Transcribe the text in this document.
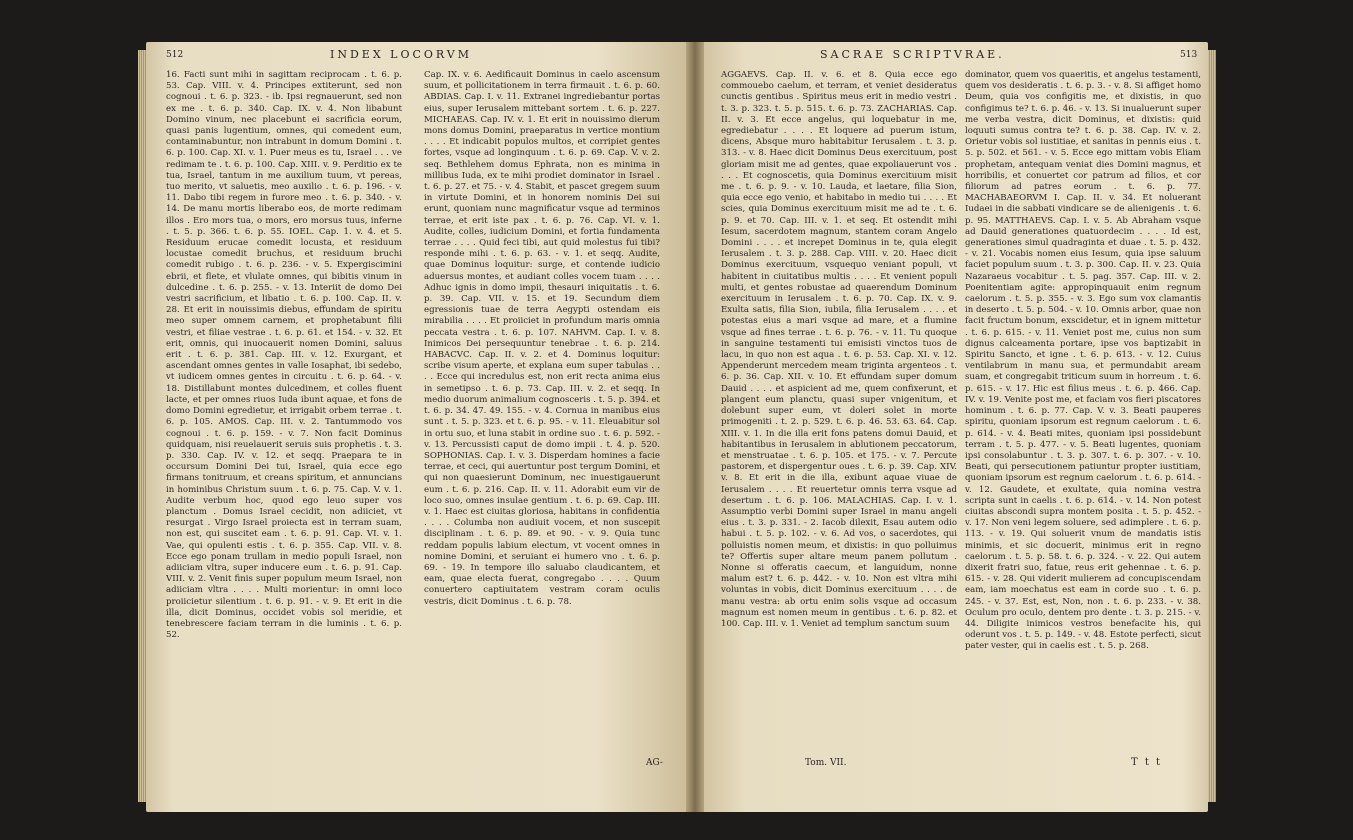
512	INDEX LOCORVM	SACRAE SCRIPTVRAE.	513

16. Facti sunt mihi in sagittam reciprocam . t. 6. p. 53. Cap. VIII. v. 4. Principes extiterunt, sed non cognoui . t. 6. p. 323. - ib. Ipsi regnauerunt, sed non ex me . t. 6. p. 340. Cap. IX. v. 4. Non libabunt Domino vinum, nec placebunt ei sacrificia eorum, quasi panis lugentium, omnes, qui comedent eum, contaminabuntur, non intrabunt in domum Domini . t. 6. p. 100. Cap. XI. v. 1. Puer meus es tu, Israel . . . ve redimam te . t. 6. p. 100. Cap. XIII. v. 9. Perditio ex te tua, Israel, tantum in me auxilium tuum, vt pereas, tuo merito, vt saluetis, meo auxilio . t. 6. p. 196. - v. 11. Dabo tibi regem in furore meo . t. 6. p. 340. - v. 14. De manu mortis liberabo eos, de morte redimam illos . Ero mors tua, o mors, ero morsus tuus, inferne . t. 5. p. 366. t. 6. p. 55. IOEL. Cap. 1. v. 4. et 5. Residuum erucae comedit locusta, et residuum locustae comedit bruchus, et residuum bruchi comedit rubigo . t. 6. p. 236. - v. 5. Expergiscimini ebrii, et flete, et vlulate omnes, qui bibitis vinum in dulcedine . t. 6. p. 255. - v. 13. Interiit de domo Dei vestri sacrificium, et libatio . t. 6. p. 100. Cap. II. v. 28. Et erit in nouissimis diebus, effundam de spiritu meo super omnem carnem, et prophetabunt filii vestri, et filiae vestrae . t. 6. p. 61. et 154. - v. 32. Et erit, omnis, qui inuocauerit nomen Domini, saluus erit . t. 6. p. 381. Cap. III. v. 12. Exurgant, et ascendant omnes gentes in valle Iosaphat, ibi sedebo, vt iudicem omnes gentes in circuitu . t. 6. p. 64. - v. 18. Distillabunt montes dulcedinem, et colles fluent lacte, et per omnes riuos Iuda ibunt aquae, et fons de domo Domini egredietur, et irrigabit orbem terrae . t. 6. p. 105. AMOS. Cap. III. v. 2. Tantummodo vos cognoui . t. 6. p. 159. - v. 7. Non facit Dominus quidquam, nisi reuelauerit seruis suis prophetis . t. 3. p. 330. Cap. IV. v. 12. et seqq. Praepara te in occursum Domini Dei tui, Israel, quia ecce ego firmans tonitruum, et creans spiritum, et annuncians in hominibus Christum suum . t. 6. p. 75. Cap. V. v. 1. Audite verbum hoc, quod ego leuo super vos planctum . Domus Israel cecidit, non adiiciet, vt resurgat . Virgo Israel proiecta est in terram suam, non est, qui suscitet eam . t. 6. p. 91. Cap. VI. v. 1. Vae, qui opulenti estis . t. 6. p. 355. Cap. VII. v. 8. Ecce ego ponam trullam in medio populi Israel, non adiiciam vltra, super inducere eum . t. 6. p. 91. Cap. VIII. v. 2. Venit finis super populum meum Israel, non adiiciam vltra . . . . Multi morientur: in omni loco proiicietur silentium . t. 6. p. 91. - v. 9. Et erit in die illa, dicit Dominus, occidet vobis sol meridie, et tenebrescere faciam terram in die luminis . t. 6. p. 52.

Cap. IX. v. 6. Aedificauit Dominus in caelo ascensum suum, et pollicitationem in terra firmauit . t. 6. p. 60. ABDIAS. Cap. I. v. 11. Extranei ingrediebantur portas eius, super Ierusalem mittebant sortem . t. 6. p. 227. MICHAEAS. Cap. IV. v. 1. Et erit in nouissimo dierum mons domus Domini, praeparatus in vertice montium . . . . Et indicabit populos multos, et corripiet gentes fortes, vsque ad longinquum . t. 6. p. 69. Cap. V. v. 2. seq. Bethlehem domus Ephrata, non es minima in millibus Iuda, ex te mihi prodiet dominator in Israel . t. 6. p. 27. et 75. - v. 4. Stabit, et pascet gregem suum in virtute Domini, et in honorem nominis Dei sui erunt, quoniam nunc magnificatur vsque ad terminos terrae, et erit iste pax . t. 6. p. 76. Cap. VI. v. 1. Audite, colles, iudicium Domini, et fortia fundamenta terrae . . . . Quid feci tibi, aut quid molestus fui tibi? responde mihi . t. 6. p. 63. - v. 1. et seqq. Audite, quae Dominus loquitur: surge, et contende iudicio aduersus montes, et audiant colles vocem tuam . . . . Adhuc ignis in domo impii, thesauri iniquitatis . t. 6. p. 39. Cap. VII. v. 15. et 19. Secundum diem egressionis tuae de terra Aegypti ostendam eis mirabilia . . . . Et proiiciet in profundum maris omnia peccata vestra . t. 6. p. 107. NAHVM. Cap. I. v. 8. Inimicos Dei persequuntur tenebrae . t. 6. p. 214. HABACVC. Cap. II. v. 2. et 4. Dominus loquitur: scribe visum aperte, et explana eum super tabulas . . . . Ecce qui incredulus est, non erit recta anima eius in semetipso . t. 6. p. 73. Cap. III. v. 2. et seqq. In medio duorum animalium cognosceris . t. 5. p. 394. et t. 6. p. 34. 47. 49. 155. - v. 4. Cornua in manibus eius sunt . t. 5. p. 323. et t. 6. p. 95. - v. 11. Eleuabitur sol in ortu suo, et luna stabit in ordine suo . t. 6. p. 592. - v. 13. Percussisti caput de domo impii . t. 4. p. 520. SOPHONIAS. Cap. I. v. 3. Disperdam homines a facie terrae, et ceci, qui auertuntur post tergum Domini, et qui non quaesierunt Dominum, nec inuestigauerunt eum . t. 6. p. 216. Cap. II. v. 11. Adorabit eum vir de loco suo, omnes insulae gentium . t. 6. p. 69. Cap. III. v. 1. Haec est ciuitas gloriosa, habitans in confidentia . . . . Columba non audiuit vocem, et non suscepit disciplinam . t. 6. p. 89. et 90. - v. 9. Quia tunc reddam populis labium electum, vt vocent omnes in nomine Domini, et seruiant ei humero vno . t. 6. p. 69. - 19. In tempore illo saluabo claudicantem, et eam, quae electa fuerat, congregabo . . . . Quum conuertero captiuitatem vestram coram oculis vestris, dicit Dominus . t. 6. p. 78.

AG-

AGGAEVS. Cap. II. v. 6. et 8. Quia ecce ego commouebo caelum, et terram, et veniet desideratus cunctis gentibus . Spiritus meus erit in medio vestri . t. 3. p. 323. t. 5. p. 515. t. 6. p. 73. ZACHARIAS. Cap. II. v. 3. Et ecce angelus, qui loquebatur in me, egrediebatur . . . . Et loquere ad puerum istum, dicens, Absque muro habitabitur Ierusalem . t. 3. p. 313. - v. 8. Haec dicit Dominus Deus exercituum, post gloriam misit me ad gentes, quae expoliauerunt vos . . . . Et cognoscetis, quia Dominus exercituum misit me . t. 6. p. 9. - v. 10. Lauda, et laetare, filia Sion, quia ecce ego venio, et habitabo in medio tui . . . . Et scies, quia Dominus exercituum misit me ad te . t. 6. p. 9. et 70. Cap. III. v. 1. et seq. Et ostendit mihi Iesum, sacerdotem magnum, stantem coram Angelo Domini . . . . et increpet Dominus in te, quia elegit Ierusalem . t. 3. p. 288. Cap. VIII. v. 20. Haec dicit Dominus exercituum, vsquequo veniant populi, vt habitent in ciuitatibus multis . . . . Et venient populi multi, et gentes robustae ad quaerendum Dominum exercituum in Ierusalem . t. 6. p. 70. Cap. IX. v. 9. Exulta satis, filia Sion, iubila, filia Ierusalem . . . . et potestas eius a mari vsque ad mare, et a flumine vsque ad fines terrae . t. 6. p. 76. - v. 11. Tu quoque in sanguine testamenti tui emisisti vinctos tuos de lacu, in quo non est aqua . t. 6. p. 53. Cap. XI. v. 12. Appenderunt mercedem meam triginta argenteos . t. 6. p. 36. Cap. XII. v. 10. Et effundam super domum Dauid . . . . et aspicient ad me, quem confixerunt, et plangent eum planctu, quasi super vnigenitum, et dolebunt super eum, vt doleri solet in morte primogeniti . t. 2. p. 529. t. 6. p. 46. 53. 63. 64. Cap. XIII. v. 1. In die illa erit fons patens domui Dauid, et habitantibus in Ierusalem in ablutionem peccatorum, et menstruatae . t. 6. p. 105. et 175. - v. 7. Percute pastorem, et dispergentur oues . t. 6. p. 39. Cap. XIV. v. 8. Et erit in die illa, exibunt aquae viuae de Ierusalem . . . . Et reuertetur omnis terra vsque ad desertum . t. 6. p. 106. MALACHIAS. Cap. I. v. 1. Assumptio verbi Domini super Israel in manu angeli eius . t. 3. p. 331. - 2. Iacob dilexit, Esau autem odio habui . t. 5. p. 102. - v. 6. Ad vos, o sacerdotes, qui polluistis nomen meum, et dixistis: in quo polluimus te? Offertis super altare meum panem pollutum . Nonne si offeratis caecum, et languidum, nonne malum est? t. 6. p. 442. - v. 10. Non est vltra mihi voluntas in vobis, dicit Dominus exercituum . . . . de manu vestra: ab ortu enim solis vsque ad occasum magnum est nomen meum in gentibus . t. 6. p. 82. et 100. Cap. III. v. 1. Veniet ad templum sanctum suum

dominator, quem vos quaeritis, et angelus testamenti, quem vos desideratis . t. 6. p. 3. - v. 8. Si affiget homo Deum, quia vos configitis me, et dixistis, in quo configimus te? t. 6. p. 46. - v. 13. Si inualuerunt super me verba vestra, dicit Dominus, et dixistis: quid loquuti sumus contra te? t. 6. p. 38. Cap. IV. v. 2. Orietur vobis sol iustitiae, et sanitas in pennis eius . t. 5. p. 502. et 561. - v. 5. Ecce ego mittam vobis Eliam prophetam, antequam veniat dies Domini magnus, et horribilis, et conuertet cor patrum ad filios, et cor filiorum ad patres eorum . t. 6. p. 77. MACHABAEORVM I. Cap. II. v. 34. Et noluerant Iudaei in die sabbati vindicare se de alienigenis . t. 6. p. 95. MATTHAEVS. Cap. I. v. 5. Ab Abraham vsque ad Dauid generationes quatuordecim . . . . Id est, generationes simul quadraginta et duae . t. 5. p. 432. - v. 21. Vocabis nomen eius Iesum, quia ipse saluum faciet populum suum . t. 3. p. 300. Cap. II. v. 23. Quia Nazaraeus vocabitur . t. 5. pag. 357. Cap. III. v. 2. Poenitentiam agite: appropinquauit enim regnum caelorum . t. 5. p. 355. - v. 3. Ego sum vox clamantis in deserto . t. 5. p. 504. - v. 10. Omnis arbor, quae non facit fructum bonum, exscidetur, et in ignem mittetur . t. 6. p. 615. - v. 11. Veniet post me, cuius non sum dignus calceamenta portare, ipse vos baptizabit in Spiritu Sancto, et igne . t. 6. p. 613. - v. 12. Cuius ventilabrum in manu sua, et permundabit aream suam, et congregabit triticum suum in horreum . t. 6. p. 615. - v. 17. Hic est filius meus . t. 6. p. 466. Cap. IV. v. 19. Venite post me, et faciam vos fieri piscatores hominum . t. 6. p. 77. Cap. V. v. 3. Beati pauperes spiritu, quoniam ipsorum est regnum caelorum . t. 6. p. 614. - v. 4. Beati mites, quoniam ipsi possidebunt terram . t. 5. p. 477. - v. 5. Beati lugentes, quoniam ipsi consolabuntur . t. 3. p. 307. t. 6. p. 307. - v. 10. Beati, qui persecutionem patiuntur propter iustitiam, quoniam ipsorum est regnum caelorum . t. 6. p. 614. - v. 12. Gaudete, et exultate, quia nomina vestra scripta sunt in caelis . t. 6. p. 614. - v. 14. Non potest ciuitas abscondi supra montem posita . t. 5. p. 452. - v. 17. Non veni legem soluere, sed adimplere . t. 6. p. 113. - v. 19. Qui soluerit vnum de mandatis istis minimis, et sic docuerit, minimus erit in regno caelorum . t. 5. p. 58. t. 6. p. 324. - v. 22. Qui autem dixerit fratri suo, fatue, reus erit gehennae . t. 6. p. 615. - v. 28. Qui viderit mulierem ad concupiscendam eam, iam moechatus est eam in corde suo . t. 6. p. 245. - v. 37. Est, est, Non, non . t. 6. p. 233. - v. 38. Oculum pro oculo, dentem pro dente . t. 3. p. 215. - v. 44. Diligite inimicos vestros benefacite his, qui oderunt vos . t. 5. p. 149. - v. 48. Estote perfecti, sicut pater vester, qui in caelis est . t. 5. p. 268.

Tom. VII.	T t t
